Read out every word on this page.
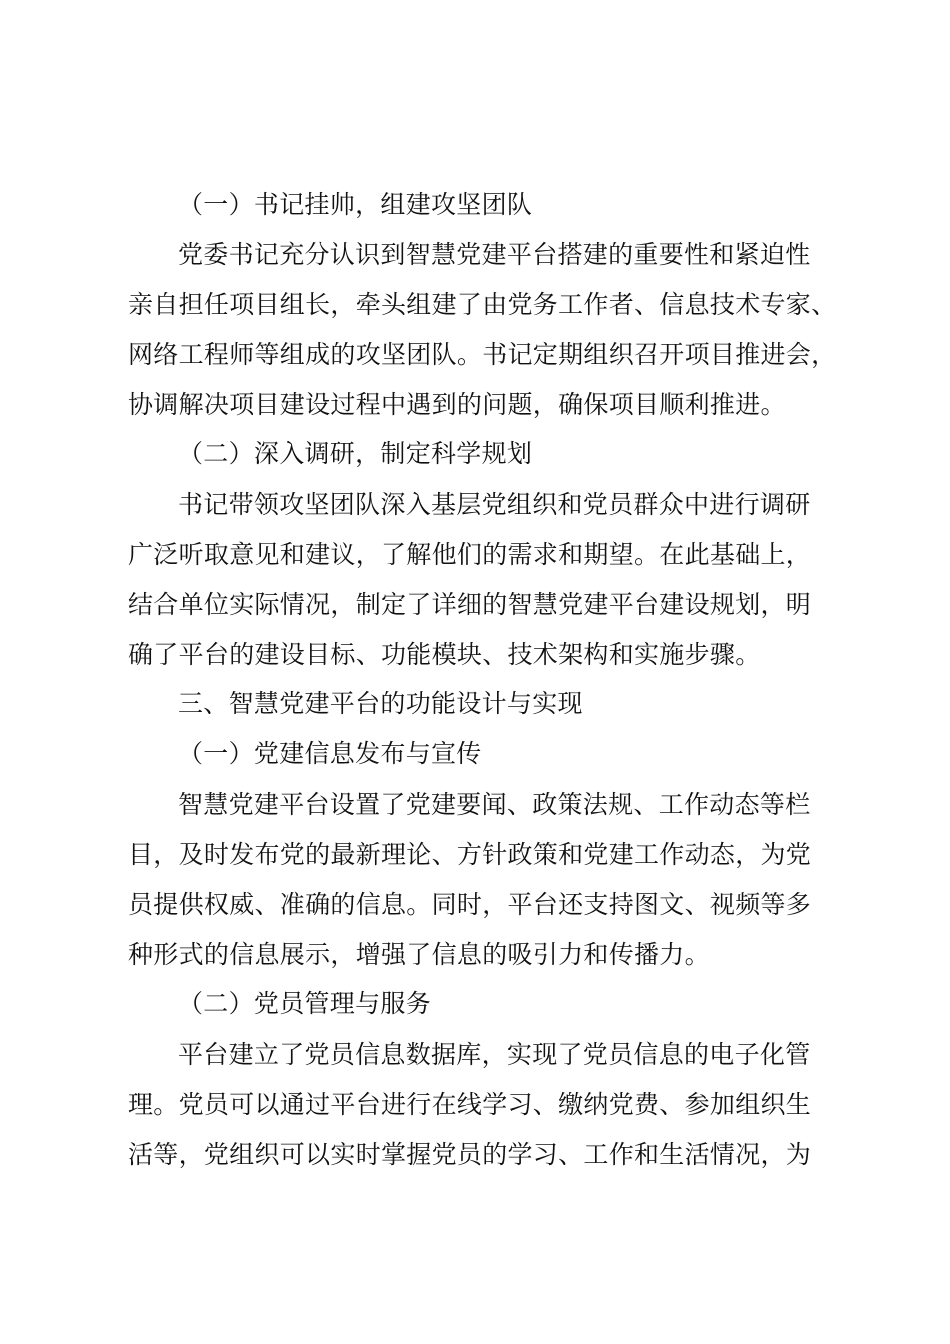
（一）书记挂帅，组建攻坚团队
党委书记充分认识到智慧党建平台搭建的重要性和紧迫性
亲自担任项目组长，牵头组建了由党务工作者、信息技术专家、
网络工程师等组成的攻坚团队。书记定期组织召开项目推进会，
协调解决项目建设过程中遇到的问题，确保项目顺利推进。
（二）深入调研，制定科学规划
书记带领攻坚团队深入基层党组织和党员群众中进行调研
广泛听取意见和建议，了解他们的需求和期望。在此基础上，
结合单位实际情况，制定了详细的智慧党建平台建设规划，明
确了平台的建设目标、功能模块、技术架构和实施步骤。
三、智慧党建平台的功能设计与实现
（一）党建信息发布与宣传
智慧党建平台设置了党建要闻、政策法规、工作动态等栏
目，及时发布党的最新理论、方针政策和党建工作动态，为党
员提供权威、准确的信息。同时，平台还支持图文、视频等多
种形式的信息展示，增强了信息的吸引力和传播力。
（二）党员管理与服务
平台建立了党员信息数据库，实现了党员信息的电子化管
理。党员可以通过平台进行在线学习、缴纳党费、参加组织生
活等，党组织可以实时掌握党员的学习、工作和生活情况，为
